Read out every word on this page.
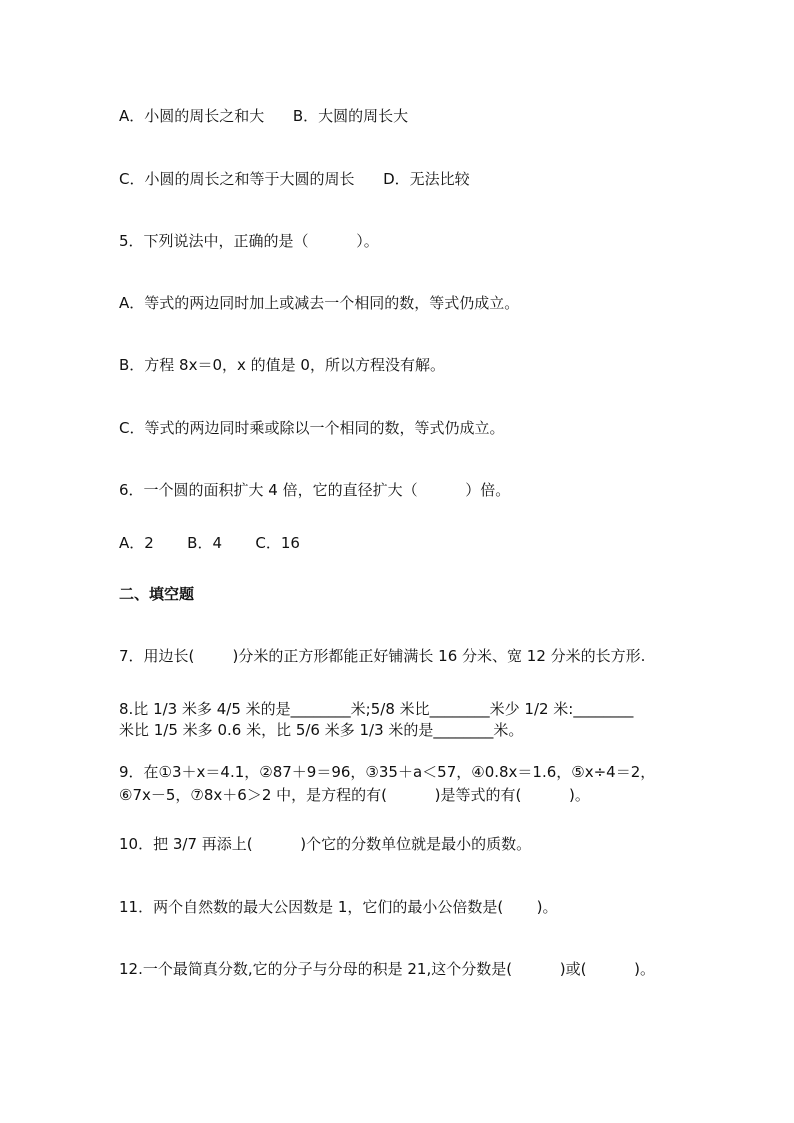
A．小圆的周长之和大      B．大圆的周长大
C．小圆的周长之和等于大圆的周长      D．无法比较
5．下列说法中，正确的是（          ）。
A．等式的两边同时加上或减去一个相同的数，等式仍成立。
B．方程 8x＝0，x 的值是 0，所以方程没有解。
C．等式的两边同时乘或除以一个相同的数，等式仍成立。
6．一个圆的面积扩大 4 倍，它的直径扩大（          ）倍。
A．2       B．4       C．16
二、填空题
7．用边长(        )分米的正方形都能正好铺满长 16 分米、宽 12 分米的长方形.
8.比 1/3 米多 4/5 米的是________米;5/8 米比________米少 1/2 米:________
米比 1/5 米多 0.6 米，比 5/6 米多 1/3 米的是________米。
9．在①3＋x＝4.1，②87＋9＝96，③35＋a＜57，④0.8x＝1.6，⑤x÷4＝2，
⑥7x－5，⑦8x＋6＞2 中，是方程的有(          )是等式的有(          )。
10．把 3/7 再添上(          )个它的分数单位就是最小的质数。
11．两个自然数的最大公因数是 1，它们的最小公倍数是(       )。
12.一个最简真分数,它的分子与分母的积是 21,这个分数是(          )或(          )。
